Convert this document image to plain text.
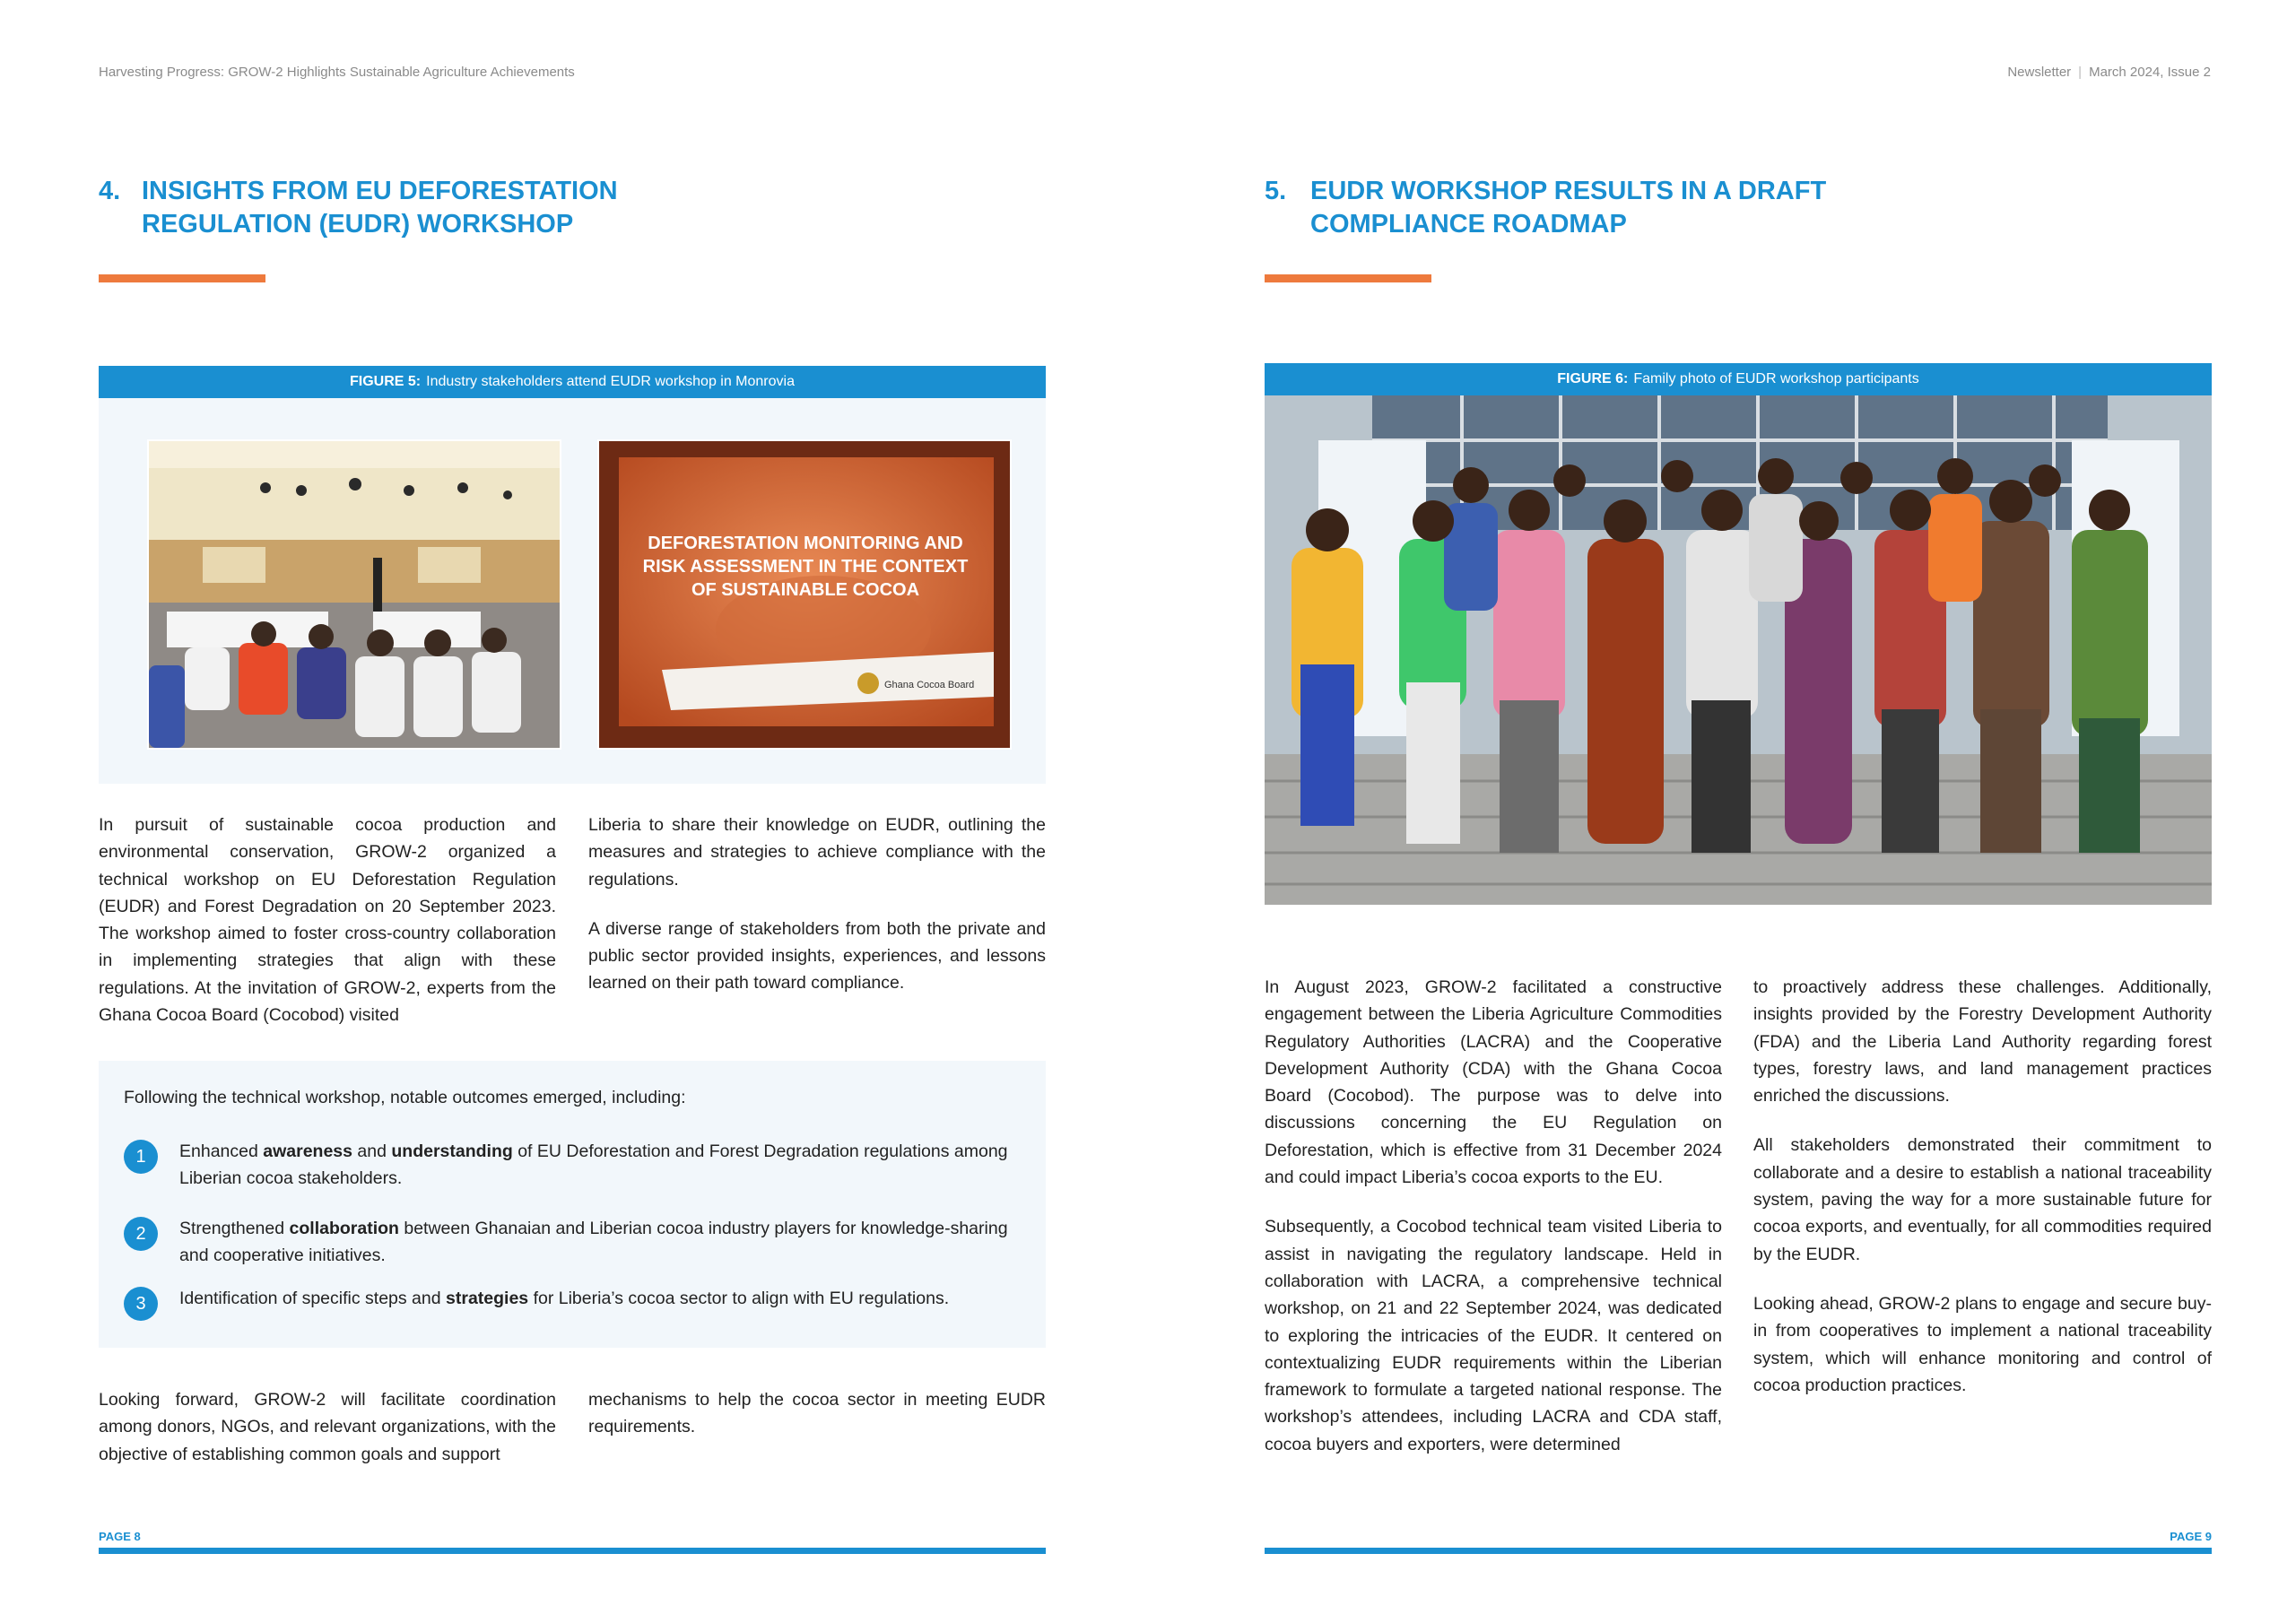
Harvesting Progress: GROW-2 Highlights Sustainable Agriculture Achievements	Newsletter | March 2024, Issue 2
4. INSIGHTS FROM EU DEFORESTATION
REGULATION (EUDR) WORKSHOP
FIGURE 5: Industry stakeholders attend EUDR workshop in Monrovia
Ghana Cocoa Board
DEFORESTATION MONITORING AND
RISK ASSESSMENT IN THE CONTEXT
OF SUSTAINABLE COCOA

In pursuit of sustainable cocoa production and environmental conservation, GROW-2 organized a technical workshop on EU Deforestation Regulation (EUDR) and Forest Degradation on 20 September 2023. The workshop aimed to foster cross-country collaboration in implementing strategies that align with these regulations. At the invitation of GROW-2, experts from the Ghana Cocoa Board (Cocobod) visited

Liberia to share their knowledge on EUDR, outlining the measures and strategies to achieve compliance with the regulations.

A diverse range of stakeholders from both the private and public sector provided insights, experiences, and lessons learned on their path toward compliance.

Following the technical workshop, notable outcomes emerged, including:
1	Enhanced awareness and understanding of EU Deforestation and Forest Degradation regulations among Liberian cocoa stakeholders.
2	Strengthened collaboration between Ghanaian and Liberian cocoa industry players for knowledge-sharing and cooperative initiatives.
3	Identification of specific steps and strategies for Liberia’s cocoa sector to align with EU regulations.

Looking forward, GROW-2 will facilitate coordination among donors, NGOs, and relevant organizations, with the objective of establishing common goals and support

mechanisms to help the cocoa sector in meeting EUDR requirements.

PAGE 8
5. EUDR WORKSHOP RESULTS IN A DRAFT
COMPLIANCE ROADMAP
FIGURE 6: Family photo of EUDR workshop participants

In August 2023, GROW-2 facilitated a constructive engagement between the Liberia Agriculture Commodities Regulatory Authorities (LACRA) and the Cooperative Development Authority (CDA) with the Ghana Cocoa Board (Cocobod). The purpose was to delve into discussions concerning the EU Regulation on Deforestation, which is effective from 31 December 2024 and could impact Liberia’s cocoa exports to the EU.

Subsequently, a Cocobod technical team visited Liberia to assist in navigating the regulatory landscape. Held in collaboration with LACRA, a comprehensive technical workshop, on 21 and 22 September 2024, was dedicated to exploring the intricacies of the EUDR. It centered on contextualizing EUDR requirements within the Liberian framework to formulate a targeted national response. The workshop’s attendees, including LACRA and CDA staff, cocoa buyers and exporters, were determined

to proactively address these challenges. Additionally, insights provided by the Forestry Development Authority (FDA) and the Liberia Land Authority regarding forest types, forestry laws, and land management practices enriched the discussions.

All stakeholders demonstrated their commitment to collaborate and a desire to establish a national traceability system, paving the way for a more sustainable future for cocoa exports, and eventually, for all commodities required by the EUDR.

Looking ahead, GROW-2 plans to engage and secure buy-in from cooperatives to implement a national traceability system, which will enhance monitoring and control of cocoa production practices.

PAGE 9
